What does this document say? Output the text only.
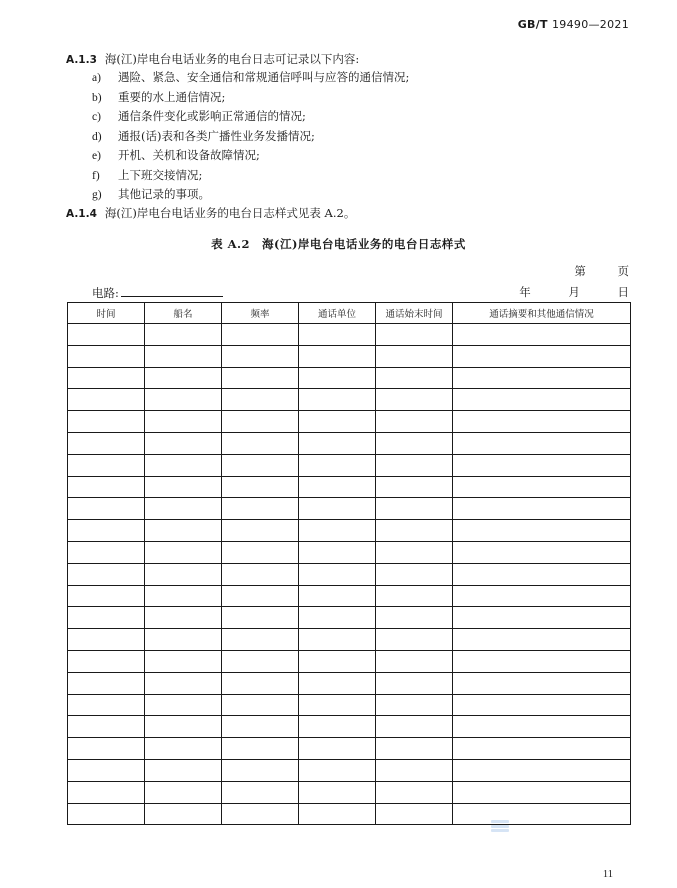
GB/T 19490—2021
A.1.3 海(江)岸电台电话业务的电台日志可记录以下内容:
a) 遇险、紧急、安全通信和常规通信呼叫与应答的通信情况;
b) 重要的水上通信情况;
c) 通信条件变化或影响正常通信的情况;
d) 通报(话)表和各类广播性业务发播情况;
e) 开机、关机和设备故障情况;
f) 上下班交接情况;
g) 其他记录的事项。
A.1.4 海(江)岸电台电话业务的电台日志样式见表 A.2。
表 A.2　海(江)岸电台电话业务的电台日志样式
第 页
电路:	年 月 日
时间	船名	频率	通话单位	通话始末时间	通话摘要和其他通信情况

11
